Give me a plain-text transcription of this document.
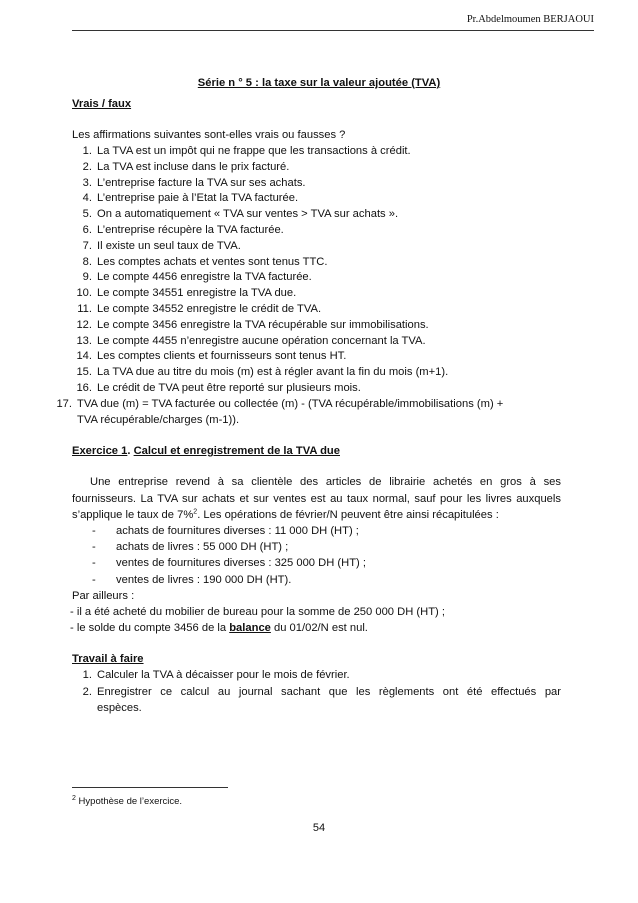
Pr.Abdelmoumen BERJAOUI
Série n ° 5 : la taxe sur la valeur ajoutée (TVA)
Vrais / faux
Les affirmations suivantes sont-elles vrais ou fausses ?
1. La TVA est un impôt qui ne frappe que les transactions à crédit.
2. La TVA est incluse dans le prix facturé.
3. L’entreprise facture la TVA sur ses achats.
4. L’entreprise paie à l’Etat la TVA facturée.
5. On a automatiquement « TVA sur ventes > TVA sur achats ».
6. L’entreprise récupère la TVA facturée.
7. Il existe un seul taux de TVA.
8. Les comptes achats et ventes sont tenus TTC.
9. Le compte 4456 enregistre la TVA facturée.
10. Le compte 34551 enregistre la TVA due.
11. Le compte 34552 enregistre le crédit de TVA.
12. Le compte 3456 enregistre la TVA récupérable sur immobilisations.
13. Le compte 4455 n’enregistre aucune opération concernant la TVA.
14. Les comptes clients et fournisseurs sont tenus HT.
15. La TVA due au titre du mois (m) est à régler avant la fin du mois (m+1).
16. Le crédit de TVA peut être reporté sur plusieurs mois.
17. TVA due (m) = TVA facturée ou collectée (m) - (TVA récupérable/immobilisations (m) +
TVA récupérable/charges (m-1)).
Exercice 1. Calcul et enregistrement de la TVA due
Une entreprise revend à sa clientèle des articles de librairie achetés en gros à ses
fournisseurs. La TVA sur achats et sur ventes est au taux normal, sauf pour les livres auxquels
s’applique le taux de 7%$^2$. Les opérations de février/N peuvent être ainsi récapitulées :
- achats de fournitures diverses : 11 000 DH (HT) ;
- achats de livres : 55 000 DH (HT) ;
- ventes de fournitures diverses : 325 000 DH (HT) ;
- ventes de livres : 190 000 DH (HT).
Par ailleurs :
- il a été acheté du mobilier de bureau pour la somme de 250 000 DH (HT) ;
- le solde du compte 3456 de la balance du 01/02/N est nul.
Travail à faire
1. Calculer la TVA à décaisser pour le mois de février.
2. Enregistrer ce calcul au journal sachant que les règlements ont été effectués par
espèces.
$^2$ Hypothèse de l’exercice.
54
